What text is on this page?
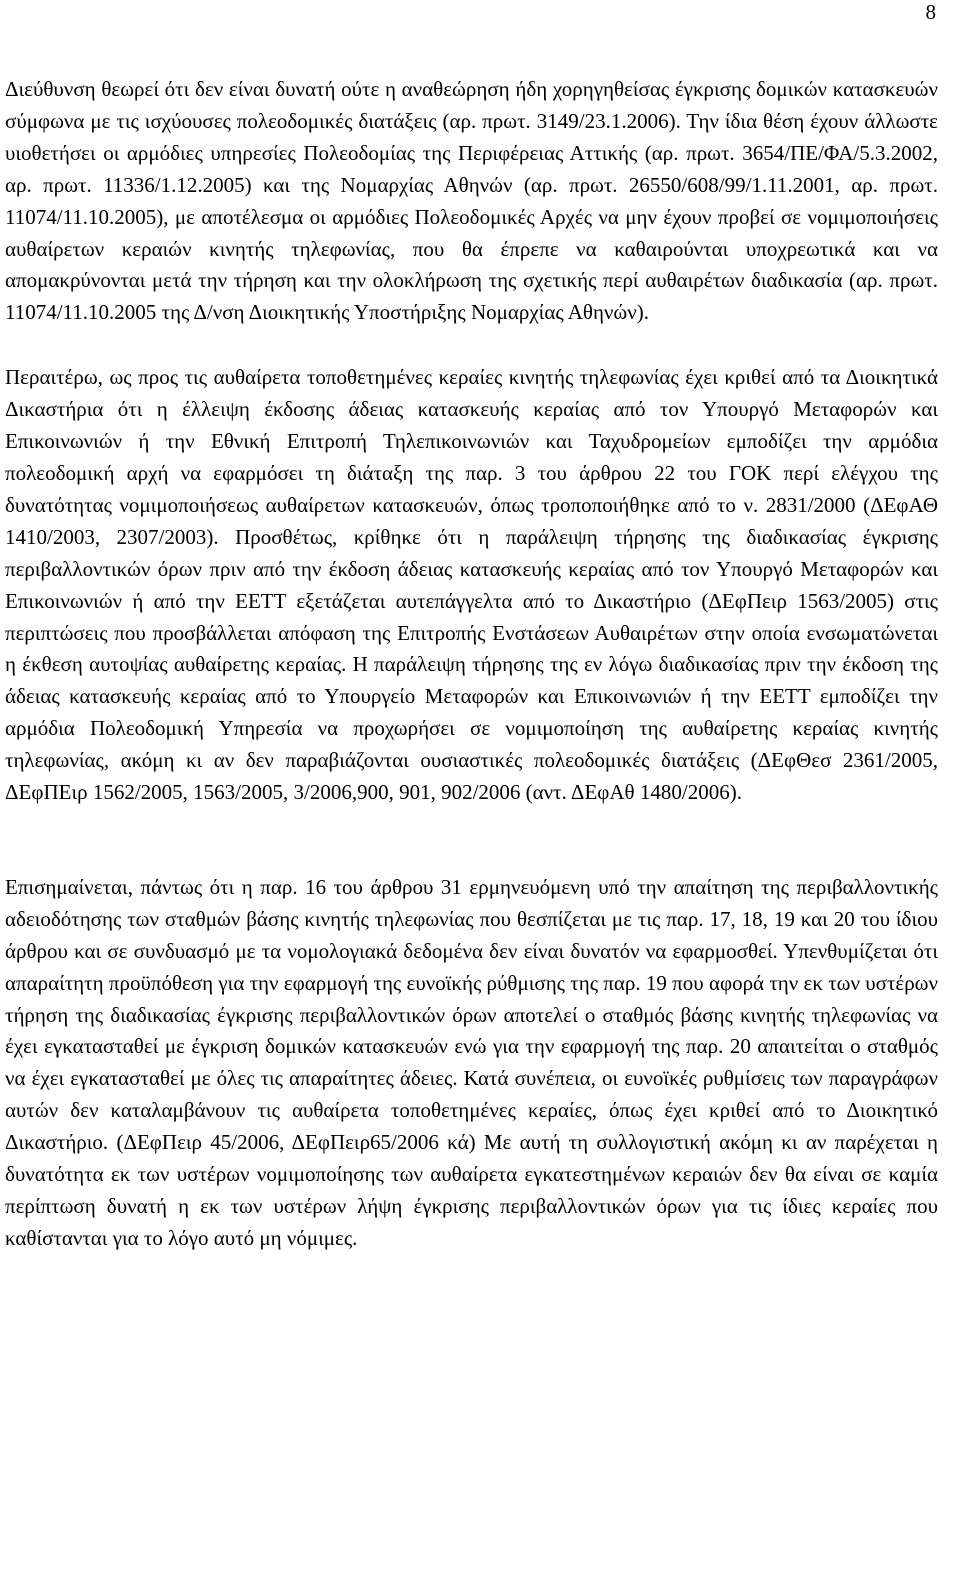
8

Διεύθυνση θεωρεί ότι δεν είναι δυνατή ούτε η αναθεώρηση ήδη χορηγηθείσας έγκρισης δομικών κατασκευών σύμφωνα με τις ισχύουσες πολεοδομικές διατάξεις (αρ. πρωτ. 3149/23.1.2006). Την ίδια θέση έχουν άλλωστε υιοθετήσει οι αρμόδιες υπηρεσίες Πολεοδομίας της Περιφέρειας Αττικής (αρ. πρωτ. 3654/ΠΕ/ΦΑ/5.3.2002, αρ. πρωτ. 11336/1.12.2005) και της Νομαρχίας Αθηνών (αρ. πρωτ. 26550/608/99/1.11.2001, αρ. πρωτ. 11074/11.10.2005), με αποτέλεσμα οι αρμόδιες Πολεοδομικές Αρχές να μην έχουν προβεί σε νομιμοποιήσεις αυθαίρετων κεραιών κινητής τηλεφωνίας, που θα έπρεπε να καθαιρούνται υποχρεωτικά και να απομακρύνονται μετά την τήρηση και την ολοκλήρωση της σχετικής περί αυθαιρέτων διαδικασία (αρ. πρωτ. 11074/11.10.2005 της Δ/νση Διοικητικής Υποστήριξης Νομαρχίας Αθηνών).

Περαιτέρω, ως προς τις αυθαίρετα τοποθετημένες κεραίες κινητής τηλεφωνίας έχει κριθεί από τα Διοικητικά Δικαστήρια ότι η έλλειψη έκδοσης άδειας κατασκευής κεραίας από τον Υπουργό Μεταφορών και Επικοινωνιών ή την Εθνική Επιτροπή Τηλεπικοινωνιών και Ταχυδρομείων εμποδίζει την αρμόδια πολεοδομική αρχή να εφαρμόσει τη διάταξη της παρ. 3 του άρθρου 22 του ΓΟΚ περί ελέγχου της δυνατότητας νομιμοποιήσεως αυθαίρετων κατασκευών, όπως τροποποιήθηκε από το ν. 2831/2000 (ΔΕφΑΘ 1410/2003, 2307/2003). Προσθέτως, κρίθηκε ότι η παράλειψη τήρησης της διαδικασίας έγκρισης περιβαλλοντικών όρων πριν από την έκδοση άδειας κατασκευής κεραίας από τον Υπουργό Μεταφορών και Επικοινωνιών ή από την ΕΕΤΤ εξετάζεται αυτεπάγγελτα από το Δικαστήριο (ΔΕφΠειρ 1563/2005) στις περιπτώσεις που προσβάλλεται απόφαση της Επιτροπής Ενστάσεων Αυθαιρέτων στην οποία ενσωματώνεται η έκθεση αυτοψίας αυθαίρετης κεραίας. Η παράλειψη τήρησης της εν λόγω διαδικασίας πριν την έκδοση της άδειας κατασκευής κεραίας από το Υπουργείο Μεταφορών και Επικοινωνιών ή την ΕΕΤΤ εμποδίζει την αρμόδια Πολεοδομική Υπηρεσία να προχωρήσει σε νομιμοποίηση της αυθαίρετης κεραίας κινητής τηλεφωνίας, ακόμη κι αν δεν παραβιάζονται ουσιαστικές πολεοδομικές διατάξεις (ΔΕφΘεσ 2361/2005, ΔΕφΠΕιρ 1562/2005, 1563/2005, 3/2006,900, 901, 902/2006 (αντ. ΔΕφΑθ 1480/2006).

Επισημαίνεται, πάντως ότι η παρ. 16 του άρθρου 31 ερμηνευόμενη υπό την απαίτηση της περιβαλλοντικής αδειοδότησης των σταθμών βάσης κινητής τηλεφωνίας που θεσπίζεται με τις παρ. 17, 18, 19 και 20 του ίδιου άρθρου και σε συνδυασμό με τα νομολογιακά δεδομένα δεν είναι δυνατόν να εφαρμοσθεί. Υπενθυμίζεται ότι απαραίτητη προϋπόθεση για την εφαρμογή της ευνοϊκής ρύθμισης της παρ. 19 που αφορά την εκ των υστέρων τήρηση της διαδικασίας έγκρισης περιβαλλοντικών όρων αποτελεί ο σταθμός βάσης κινητής τηλεφωνίας να έχει εγκατασταθεί με έγκριση δομικών κατασκευών ενώ για την εφαρμογή της παρ. 20 απαιτείται ο σταθμός να έχει εγκατασταθεί με όλες τις απαραίτητες άδειες. Κατά συνέπεια, οι ευνοϊκές ρυθμίσεις των παραγράφων αυτών δεν καταλαμβάνουν τις αυθαίρετα τοποθετημένες κεραίες, όπως έχει κριθεί από το Διοικητικό Δικαστήριο. (ΔΕφΠειρ 45/2006, ΔΕφΠειρ65/2006 κά) Με αυτή τη συλλογιστική ακόμη κι αν παρέχεται η δυνατότητα εκ των υστέρων νομιμοποίησης των αυθαίρετα εγκατεστημένων κεραιών δεν θα είναι σε καμία περίπτωση δυνατή η εκ των υστέρων λήψη έγκρισης περιβαλλοντικών όρων για τις ίδιες κεραίες που καθίστανται για το λόγο αυτό μη νόμιμες.
